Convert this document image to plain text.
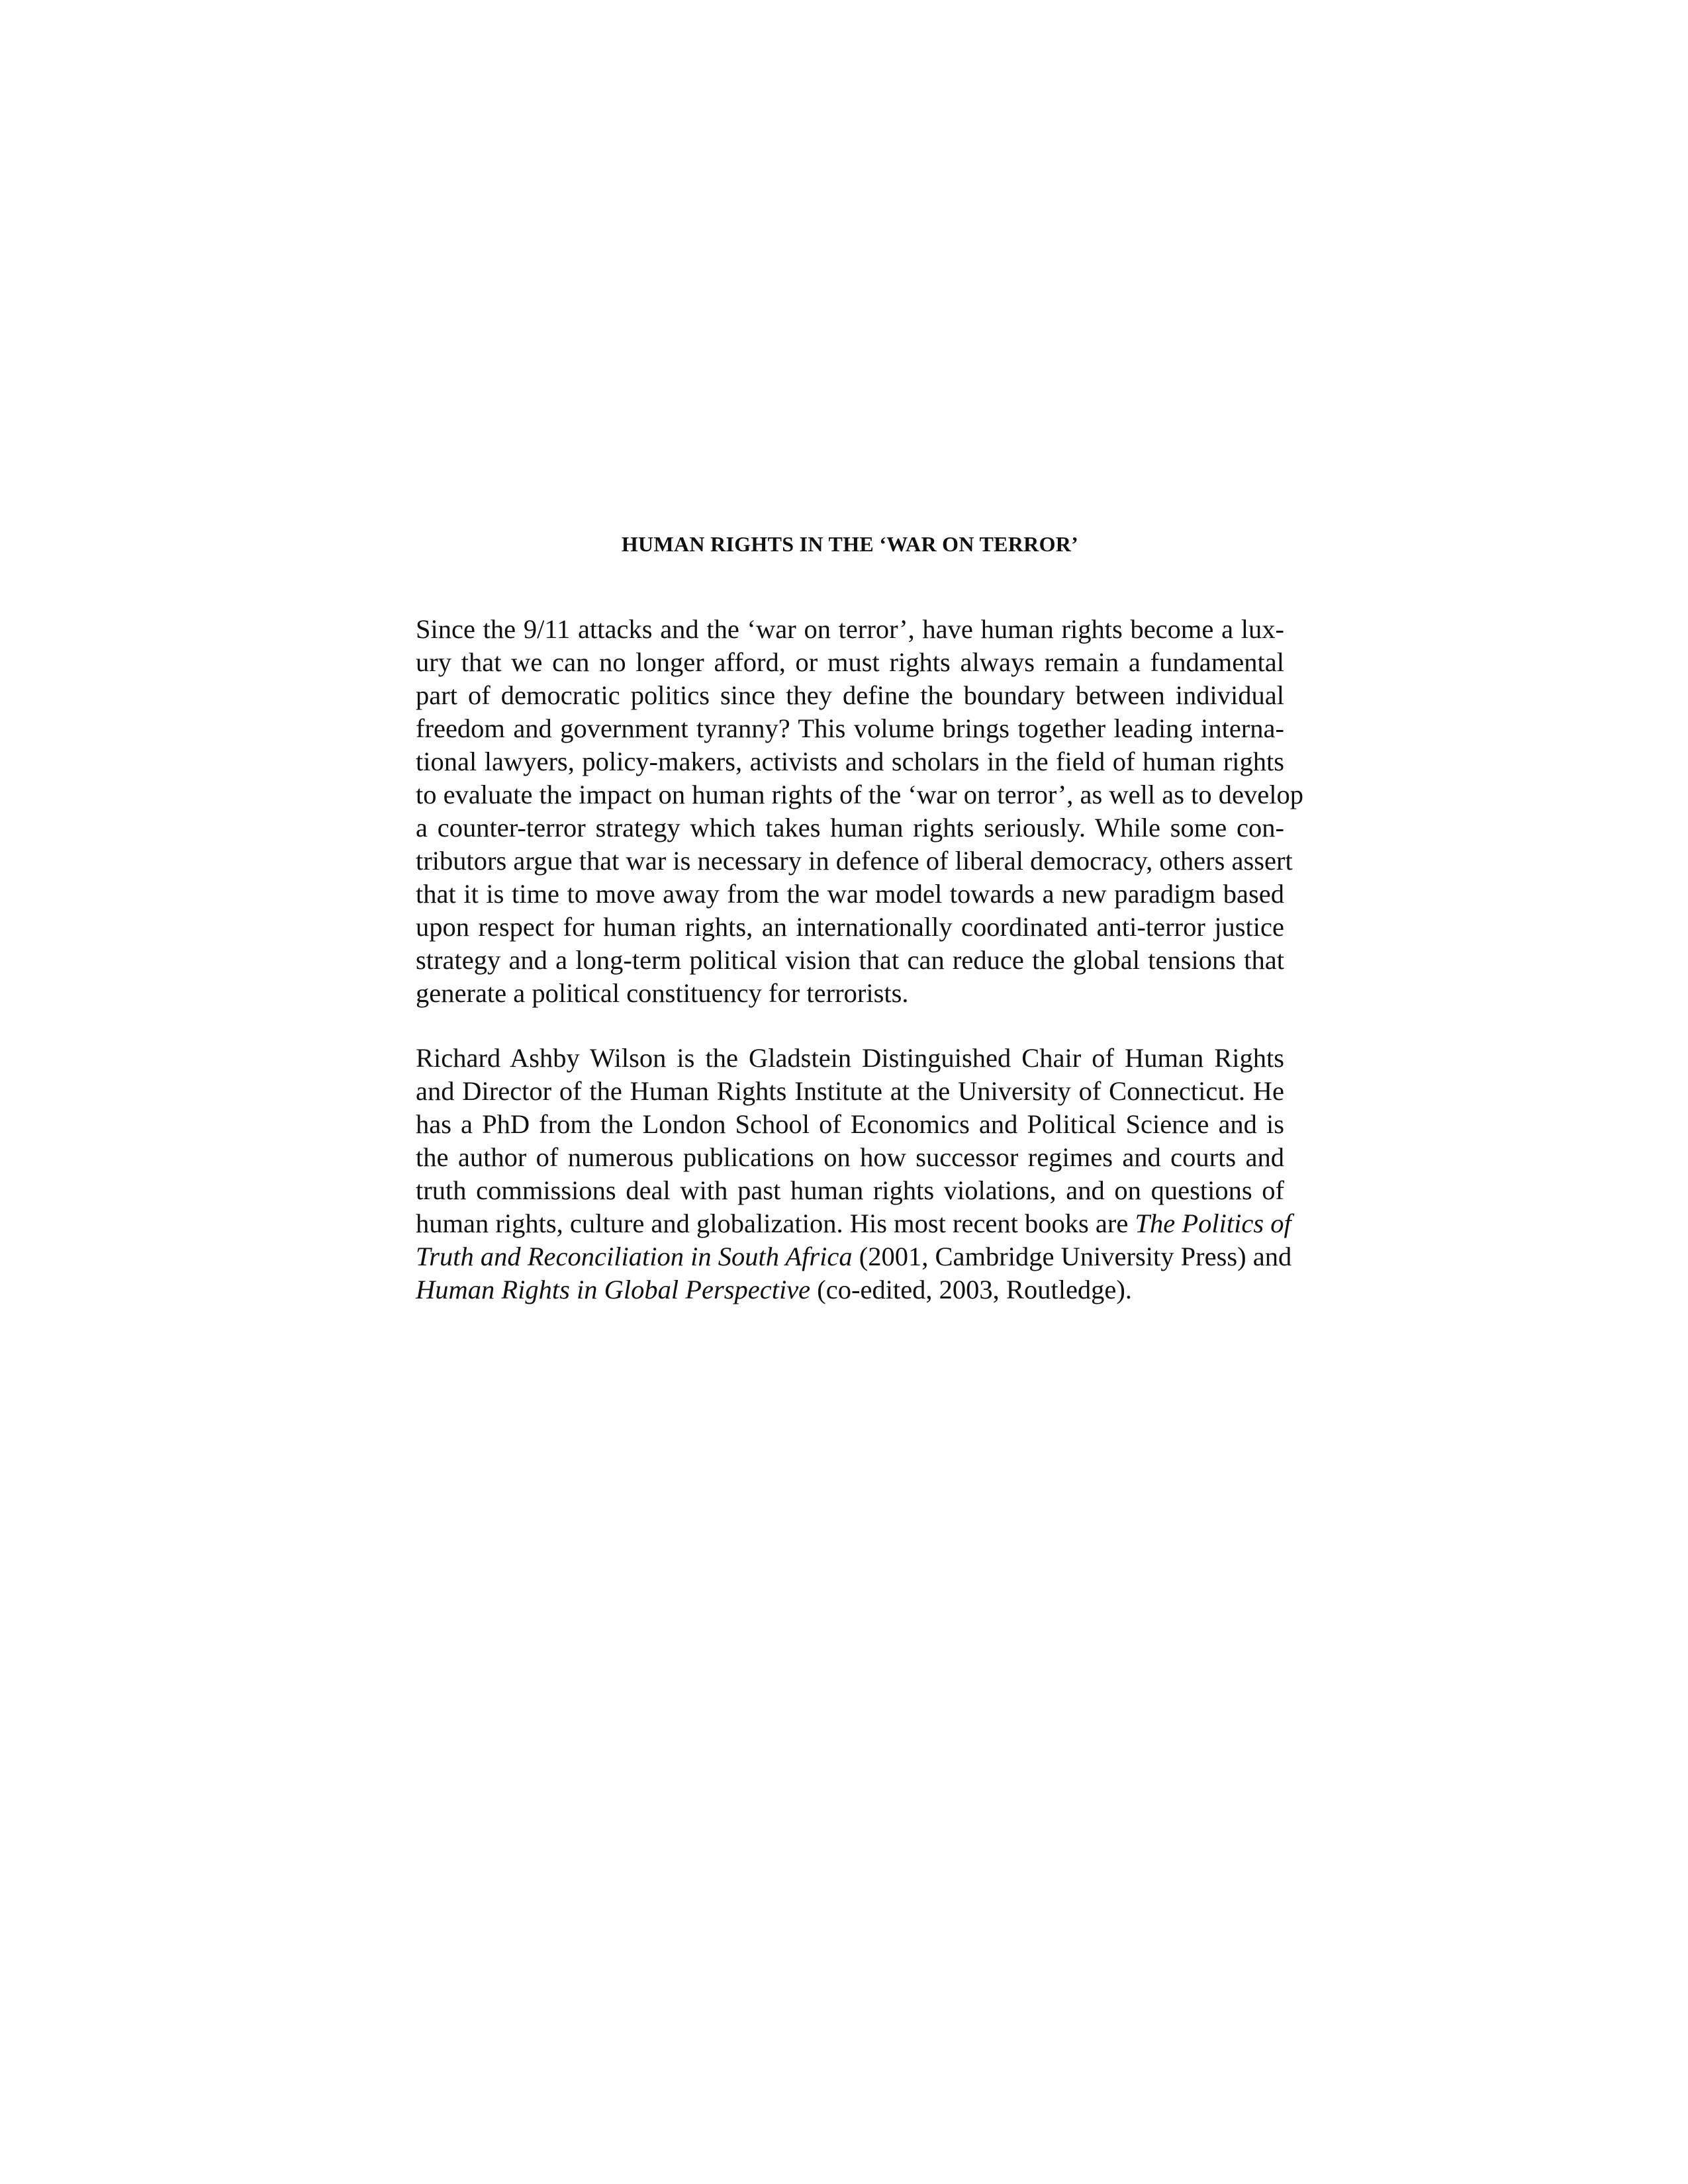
HUMAN RIGHTS IN THE ‘WAR ON TERROR’
Since the 9/11 attacks and the ‘war on terror’, have human rights become a lux-
ury that we can no longer afford, or must rights always remain a fundamental
part of democratic politics since they define the boundary between individual
freedom and government tyranny? This volume brings together leading interna-
tional lawyers, policy-makers, activists and scholars in the field of human rights
to evaluate the impact on human rights of the ‘war on terror’, as well as to develop
a counter-terror strategy which takes human rights seriously. While some con-
tributors argue that war is necessary in defence of liberal democracy, others assert
that it is time to move away from the war model towards a new paradigm based
upon respect for human rights, an internationally coordinated anti-terror justice
strategy and a long-term political vision that can reduce the global tensions that
generate a political constituency for terrorists.
Richard Ashby Wilson is the Gladstein Distinguished Chair of Human Rights
and Director of the Human Rights Institute at the University of Connecticut. He
has a PhD from the London School of Economics and Political Science and is
the author of numerous publications on how successor regimes and courts and
truth commissions deal with past human rights violations, and on questions of
human rights, culture and globalization. His most recent books are The Politics of
Truth and Reconciliation in South Africa (2001, Cambridge University Press) and
Human Rights in Global Perspective (co-edited, 2003, Routledge).
